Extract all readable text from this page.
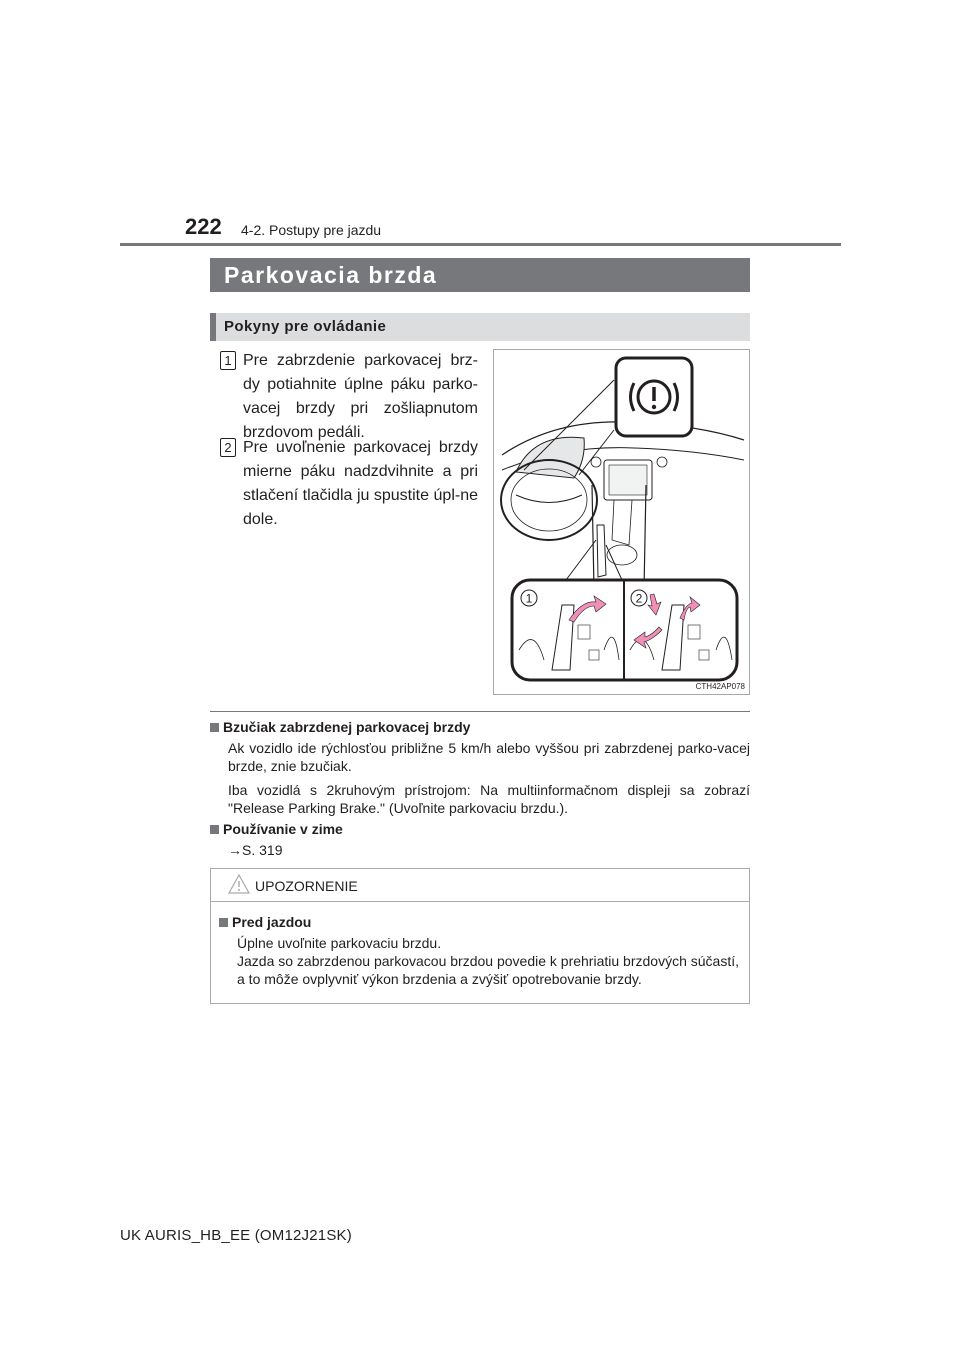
222 4-2. Postupy pre jazdu
Parkovacia brzda
Pokyny pre ovládanie
1 Pre zabrzdenie parkovacej brz-dy potiahnite úplne páku parko-vacej brzdy pri zošliapnutom brzdovom pedáli.
2 Pre uvoľnenie parkovacej brzdy mierne páku nadzdvihnite a pri stlačení tlačidla ju spustite úpl-ne dole.
1	2
CTH42AP078
Bzučiak zabrzdenej parkovacej brzdy
Ak vozidlo ide rýchlosťou približne 5 km/h alebo vyššou pri zabrzdenej parko-vacej brzde, znie bzučiak.
Iba vozidlá s 2kruhovým prístrojom: Na multiinformačnom displeji sa zobrazí "Release Parking Brake." (Uvoľnite parkovaciu brzdu.).
Používanie v zime
→S. 319
UPOZORNENIE
Pred jazdou
Úplne uvoľnite parkovaciu brzdu.
Jazda so zabrzdenou parkovacou brzdou povedie k prehriatiu brzdových súčastí, a to môže ovplyvniť výkon brzdenia a zvýšiť opotrebovanie brzdy.
UK AURIS_HB_EE (OM12J21SK)
